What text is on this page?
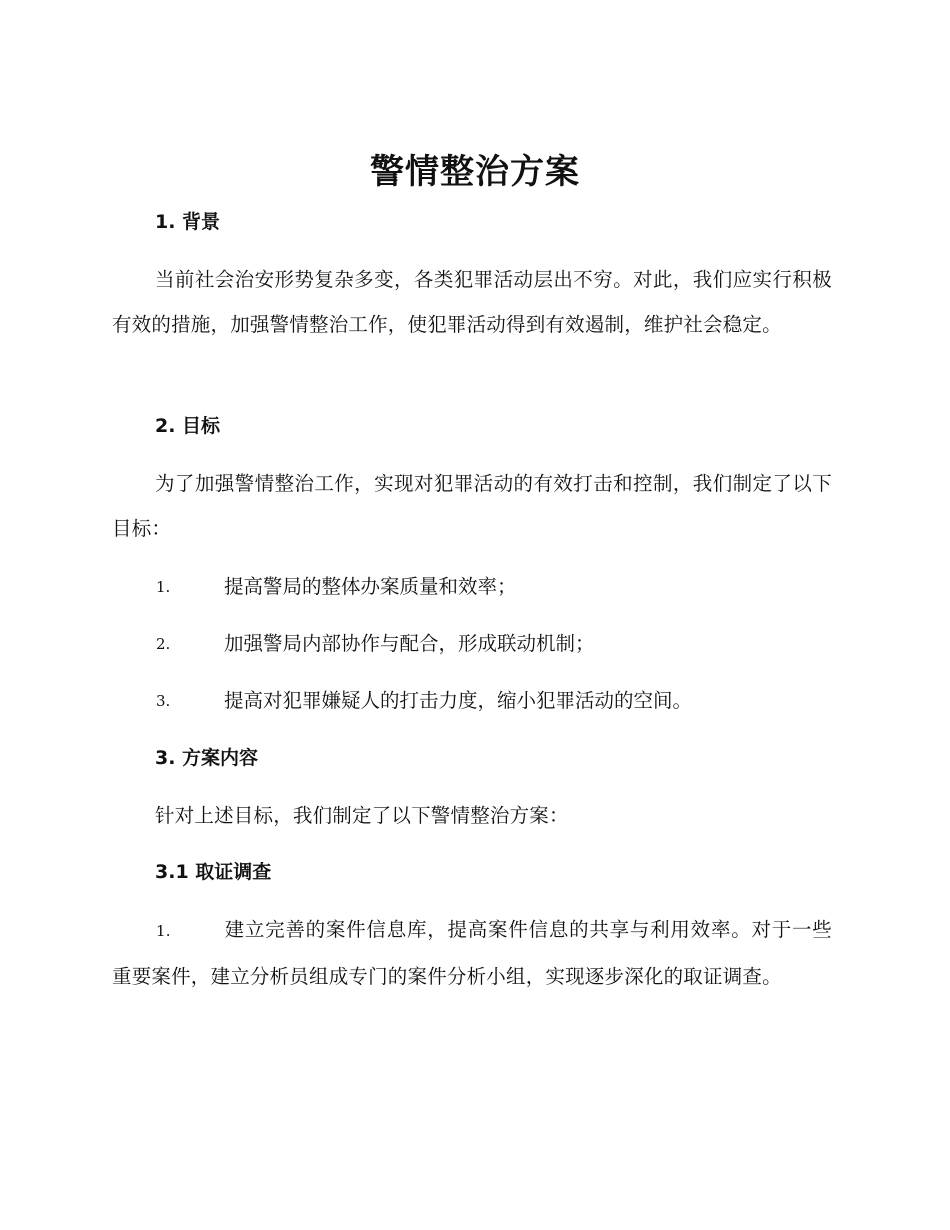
警情整治方案
1. 背景
当前社会治安形势复杂多变，各类犯罪活动层出不穷。对此，我们应实行积极有效的措施，加强警情整治工作，使犯罪活动得到有效遏制，维护社会稳定。
2. 目标
为了加强警情整治工作，实现对犯罪活动的有效打击和控制，我们制定了以下目标：
1.	提高警局的整体办案质量和效率；
2.	加强警局内部协作与配合，形成联动机制；
3.	提高对犯罪嫌疑人的打击力度，缩小犯罪活动的空间。
3. 方案内容
针对上述目标，我们制定了以下警情整治方案：
3.1 取证调查
1.	建立完善的案件信息库，提高案件信息的共享与利用效率。对于一些重要案件，建立分析员组成专门的案件分析小组，实现逐步深化的取证调查。
